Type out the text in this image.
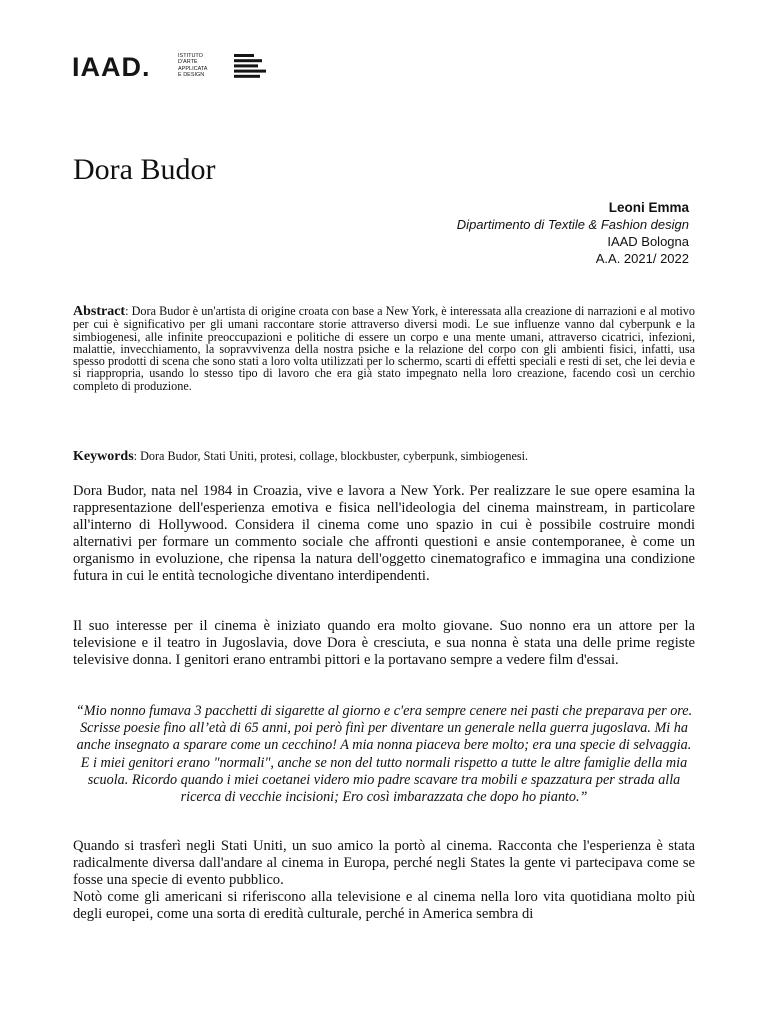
IAAD.	ISTITUTO
D'ARTE
APPLICATA
E DESIGN
Dora Budor
Leoni Emma
Dipartimento di Textile & Fashion design
IAAD Bologna
A.A. 2021/ 2022

Abstract: Dora Budor è un'artista di origine croata con base a New York, è interessata alla creazione di narrazioni e al motivo per cui è significativo per gli umani raccontare storie attraverso diversi modi. Le sue influenze vanno dal cyberpunk e la simbiogenesi, alle infinite preoccupazioni e politiche di essere un corpo e una mente umani, attraverso cicatrici, infezioni, malattie, invecchiamento, la sopravvivenza della nostra psiche e la relazione del corpo con gli ambienti fisici, infatti, usa spesso prodotti di scena che sono stati a loro volta utilizzati per lo schermo, scarti di effetti speciali e resti di set, che lei devia e si riappropria, usando lo stesso tipo di lavoro che era già stato impegnato nella loro creazione, facendo così un cerchio completo di produzione.

Keywords: Dora Budor, Stati Uniti, protesi, collage, blockbuster, cyberpunk, simbiogenesi.

Dora Budor, nata nel 1984 in Croazia, vive e lavora a New York. Per realizzare le sue opere esamina la rappresentazione dell'esperienza emotiva e fisica nell'ideologia del cinema mainstream, in particolare all'interno di Hollywood. Considera il cinema come uno spazio in cui è possibile costruire mondi alternativi per formare un commento sociale che affronti questioni e ansie contemporanee, è come un organismo in evoluzione, che ripensa la natura dell'oggetto cinematografico e immagina una condizione futura in cui le entità tecnologiche diventano interdipendenti.

Il suo interesse per il cinema è iniziato quando era molto giovane. Suo nonno era un attore per la televisione e il teatro in Jugoslavia, dove Dora è cresciuta, e sua nonna è stata una delle prime registe televisive donna. I genitori erano entrambi pittori e la portavano sempre a vedere film d'essai.

“Mio nonno fumava 3 pacchetti di sigarette al giorno e c'era sempre cenere nei pasti che preparava per ore. Scrisse poesie fino all’età di 65 anni, poi però finì per diventare un generale nella guerra jugoslava. Mi ha anche insegnato a sparare come un cecchino! A mia nonna piaceva bere molto; era una specie di selvaggia. E i miei genitori erano "normali", anche se non del tutto normali rispetto a tutte le altre famiglie della mia scuola. Ricordo quando i miei coetanei videro mio padre scavare tra mobili e spazzatura per strada alla ricerca di vecchie incisioni; Ero così imbarazzata che dopo ho pianto.”

Quando si trasferì negli Stati Uniti, un suo amico la portò al cinema. Racconta che l'esperienza è stata radicalmente diversa dall'andare al cinema in Europa, perché negli States la gente vi partecipava come se fosse una specie di evento pubblico.

Notò come gli americani si riferiscono alla televisione e al cinema nella loro vita quotidiana molto più degli europei, come una sorta di eredità culturale, perché in America sembra di
